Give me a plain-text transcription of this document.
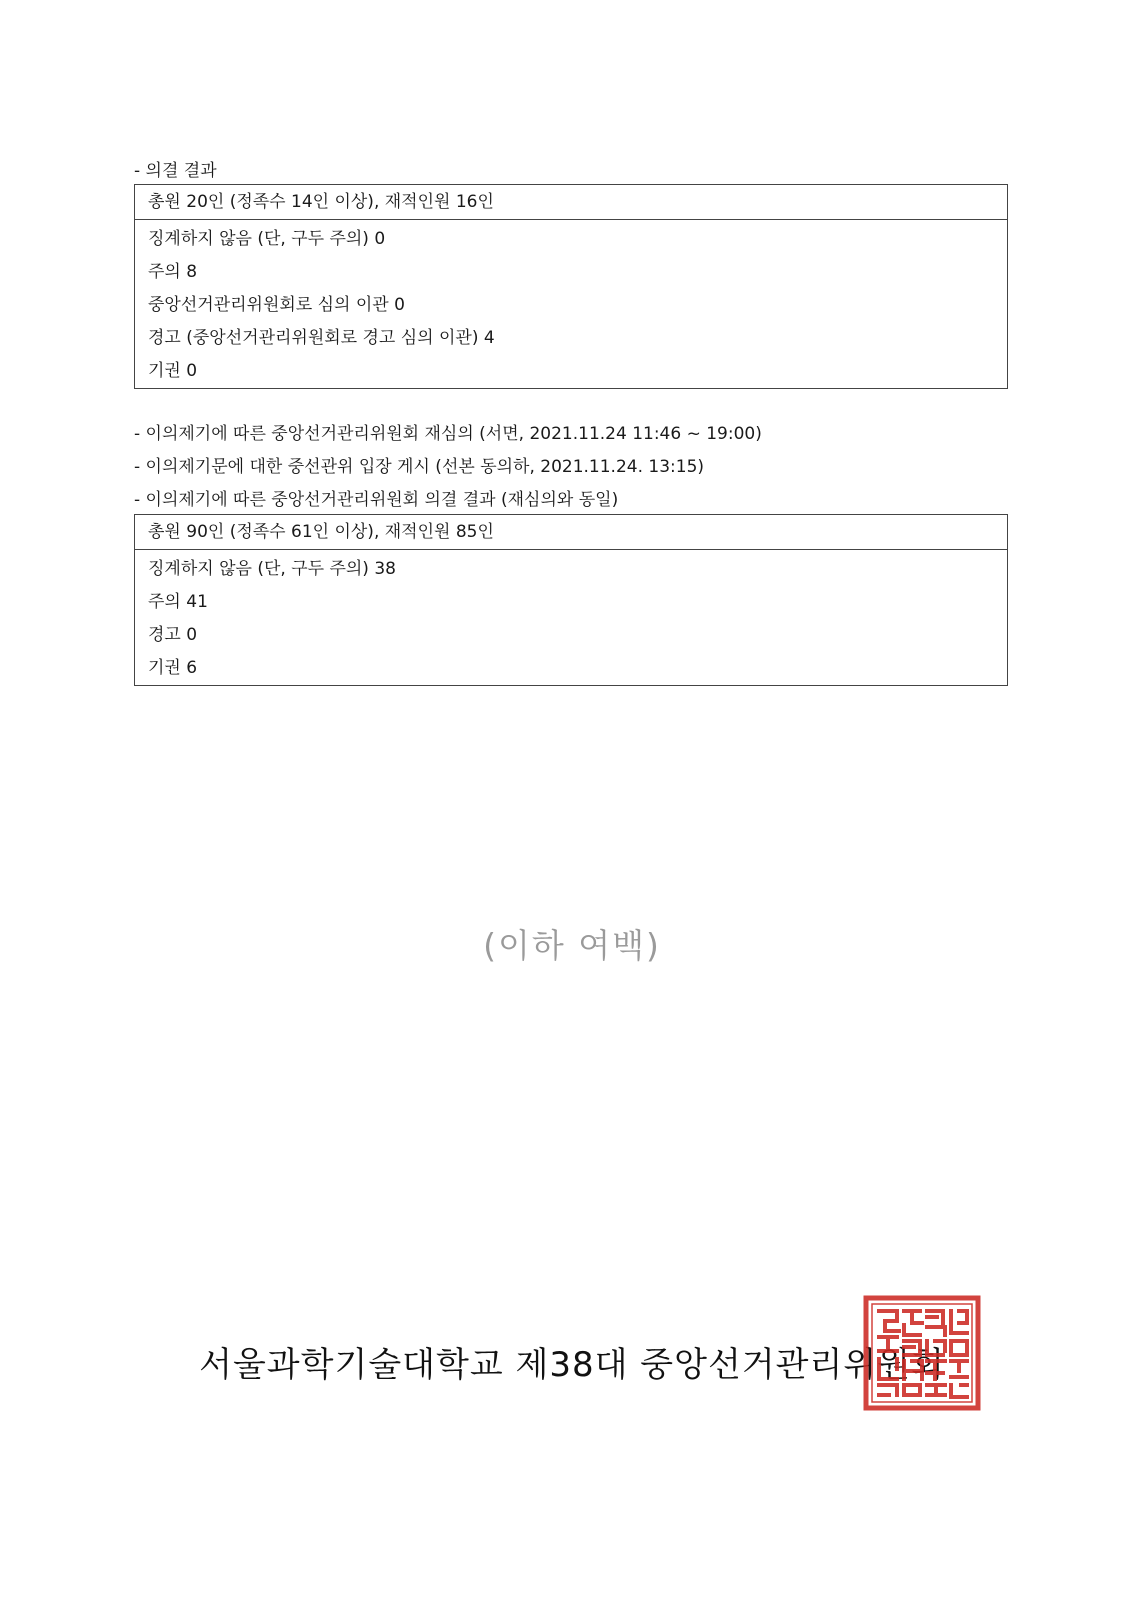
- 의결 결과
총원 20인 (정족수 14인 이상), 재적인원 16인
징계하지 않음 (단, 구두 주의) 0
주의 8
중앙선거관리위원회로 심의 이관 0
경고 (중앙선거관리위원회로 경고 심의 이관) 4
기권 0
- 이의제기에 따른 중앙선거관리위원회 재심의 (서면, 2021.11.24 11:46 ~ 19:00)
- 이의제기문에 대한 중선관위 입장 게시 (선본 동의하, 2021.11.24. 13:15)
- 이의제기에 따른 중앙선거관리위원회 의결 결과 (재심의와 동일)
총원 90인 (정족수 61인 이상), 재적인원 85인
징계하지 않음 (단, 구두 주의) 38
주의 41
경고 0
기권 6
(이하 여백)
서울과학기술대학교 제38대 중앙선거관리위원회
